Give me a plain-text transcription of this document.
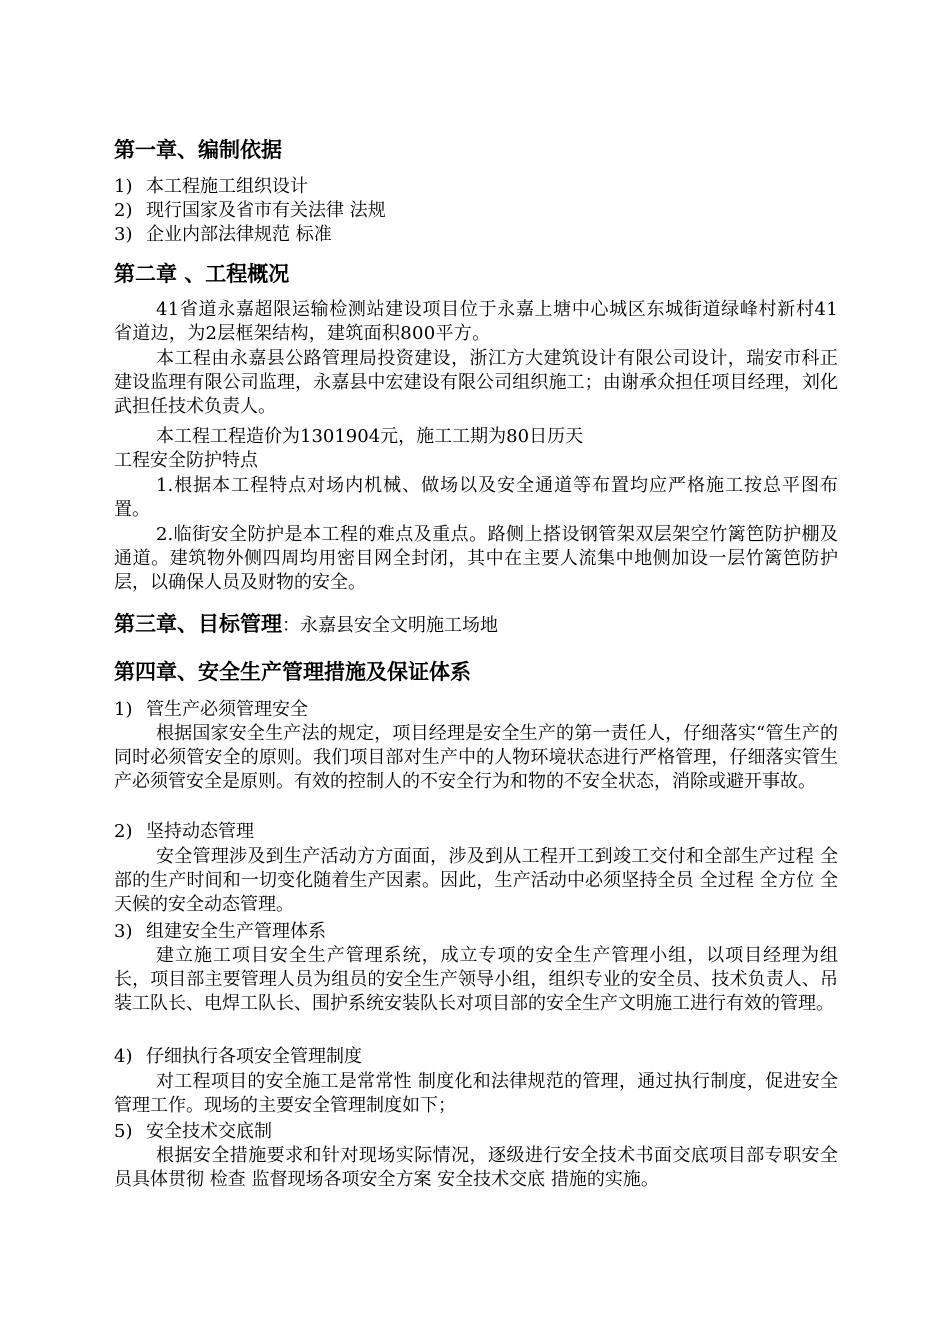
第一章、编制依据
1) 本工程施工组织设计
2) 现行国家及省市有关法律 法规
3) 企业内部法律规范 标准
第二章 、工程概况

41省道永嘉超限运输检测站建设项目位于永嘉上塘中心城区东城街道绿峰村新村41省道边，为2层框架结构，建筑面积800平方。

本工程由永嘉县公路管理局投资建设，浙江方大建筑设计有限公司设计，瑞安市科正建设监理有限公司监理，永嘉县中宏建设有限公司组织施工；由谢承众担任项目经理，刘化武担任技术负责人。

本工程工程造价为1301904元，施工工期为80日历天

工程安全防护特点

1.根据本工程特点对场内机械、做场以及安全通道等布置均应严格施工按总平图布置。

2.临街安全防护是本工程的难点及重点。路侧上搭设钢管架双层架空竹篱笆防护棚及通道。建筑物外侧四周均用密目网全封闭，其中在主要人流集中地侧加设一层竹篱笆防护层，以确保人员及财物的安全。

第三章、目标管理：永嘉县安全文明施工场地
第四章、安全生产管理措施及保证体系
1) 管生产必须管理安全

根据国家安全生产法的规定，项目经理是安全生产的第一责任人，仔细落实“管生产的同时必须管安全的原则。我们项目部对生产中的人物环境状态进行严格管理，仔细落实管生产必须管安全是原则。有效的控制人的不安全行为和物的不安全状态，消除或避开事故。

2) 坚持动态管理

安全管理涉及到生产活动方方面面，涉及到从工程开工到竣工交付和全部生产过程 全部的生产时间和一切变化随着生产因素。因此，生产活动中必须坚持全员 全过程 全方位 全天候的安全动态管理。

3) 组建安全生产管理体系

建立施工项目安全生产管理系统，成立专项的安全生产管理小组，以项目经理为组长，项目部主要管理人员为组员的安全生产领导小组，组织专业的安全员、技术负责人、吊装工队长、电焊工队长、围护系统安装队长对项目部的安全生产文明施工进行有效的管理。

4) 仔细执行各项安全管理制度

对工程项目的安全施工是常常性 制度化和法律规范的管理，通过执行制度，促进安全管理工作。现场的主要安全管理制度如下；

5) 安全技术交底制

根据安全措施要求和针对现场实际情况，逐级进行安全技术书面交底项目部专职安全员具体贯彻 检查 监督现场各项安全方案 安全技术交底 措施的实施。
